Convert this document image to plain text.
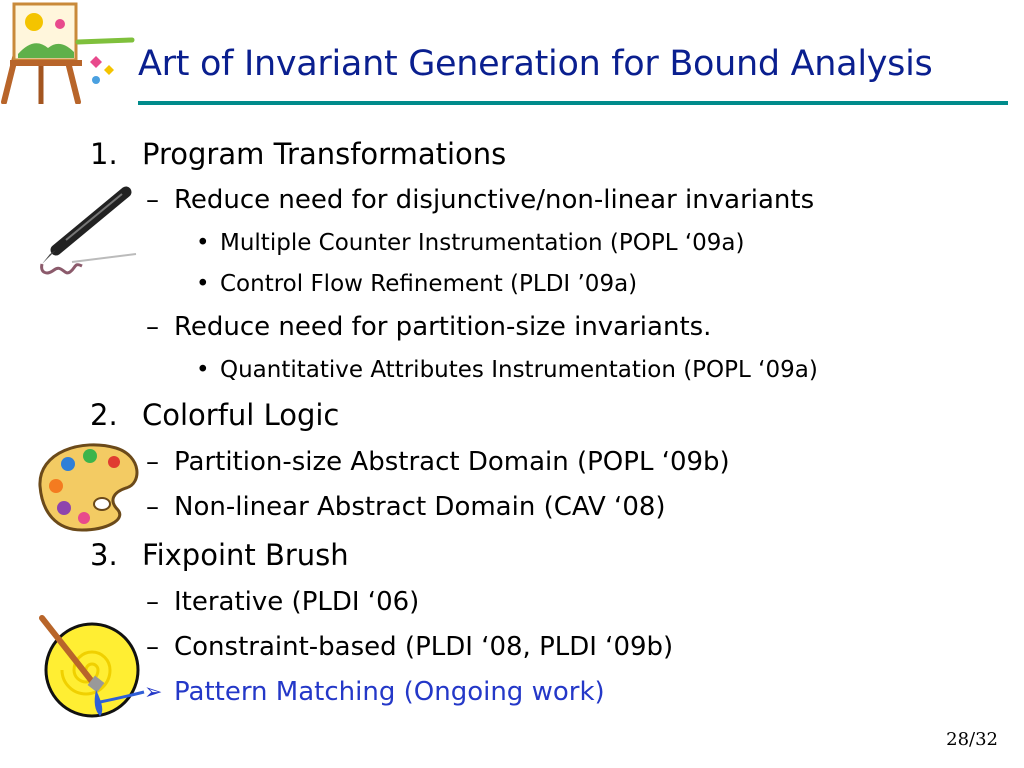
Art of Invariant Generation for Bound Analysis
1. Program Transformations
– Reduce need for disjunctive/non-linear invariants
• Multiple Counter Instrumentation (POPL ‘09a)
• Control Flow Refinement (PLDI ’09a)
– Reduce need for partition-size invariants.
• Quantitative Attributes Instrumentation (POPL ‘09a)
2. Colorful Logic
– Partition-size Abstract Domain (POPL ‘09b)
– Non-linear Abstract Domain (CAV ‘08)
3. Fixpoint Brush
– Iterative (PLDI ‘06)
– Constraint-based (PLDI ‘08, PLDI ‘09b)
➢ Pattern Matching (Ongoing work)
28/32
